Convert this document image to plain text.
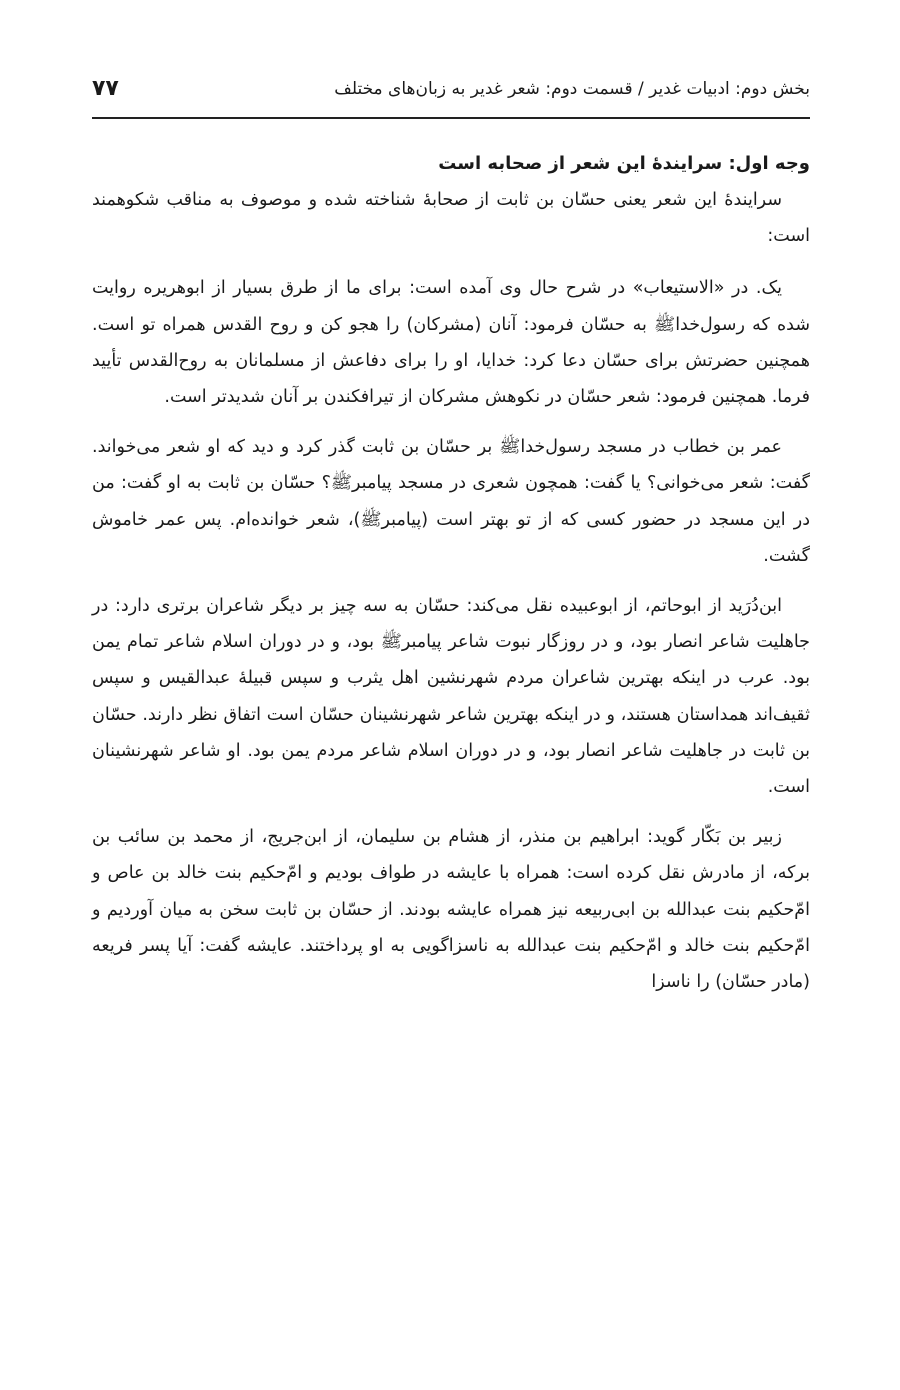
بخش دوم: ادبیات غدیر / قسمت دوم: شعر غدیر به زبان‌های مختلف
۷۷
وجه اول: سرایندهٔ این شعر از صحابه است

سرایندهٔ این شعر یعنی حسّان بن ثابت از صحابهٔ شناخته شده و موصوف به مناقب شکوهمند است:

یک. در «الاستیعاب» در شرح حال وی آمده است: برای ما از طرق بسیار از ابوهریره روایت شده که رسول‌خداﷺ به حسّان فرمود: آنان (مشرکان) را هجو کن و روح القدس همراه تو است. همچنین حضرتش برای حسّان دعا کرد: خدایا، او را برای دفاعش از مسلمانان به روح‌القدس تأیید فرما. همچنین فرمود: شعر حسّان در نکوهش مشرکان از تیرافکندن بر آنان شدیدتر است.

عمر بن خطاب در مسجد رسول‌خداﷺ بر حسّان بن ثابت گذر کرد و دید که او شعر می‌خواند. گفت: شعر می‌خوانی؟ یا گفت: همچون شعری در مسجد پیامبرﷺ؟ حسّان بن ثابت به او گفت: من در این مسجد در حضور کسی که از تو بهتر است (پیامبرﷺ)، شعر خوانده‌ام. پس عمر خاموش گشت.

ابن‌دُرَید از ابوحاتم، از ابوعبیده نقل می‌کند: حسّان به سه چیز بر دیگر شاعران برتری دارد: در جاهلیت شاعر انصار بود، و در روزگار نبوت شاعر پیامبرﷺ بود، و در دوران اسلام شاعر تمام یمن بود. عرب در اینکه بهترین شاعران مردم شهرنشین اهل یثرب و سپس قبیلهٔ عبدالقیس و سپس ثقیف‌اند همداستان هستند، و در اینکه بهترین شاعر شهرنشینان حسّان است اتفاق نظر دارند. حسّان بن ثابت در جاهلیت شاعر انصار بود، و در دوران اسلام شاعر مردم یمن بود. او شاعر شهرنشینان است.

زبیر بن بَکّار گوید: ابراهیم بن منذر، از هشام بن سلیمان، از ابن‌جریج، از محمد بن سائب بن برکه، از مادرش نقل کرده است: همراه با عایشه در طواف بودیم و امّ‌حکیم بنت خالد بن عاص و امّ‌حکیم بنت عبدالله بن ابی‌ربیعه نیز همراه عایشه بودند. از حسّان بن ثابت سخن به میان آوردیم و امّ‌حکیم بنت خالد و امّ‌حکیم بنت عبدالله به ناسزاگویی به او پرداختند. عایشه گفت: آیا پسر فریعه (مادر حسّان) را ناسزا
